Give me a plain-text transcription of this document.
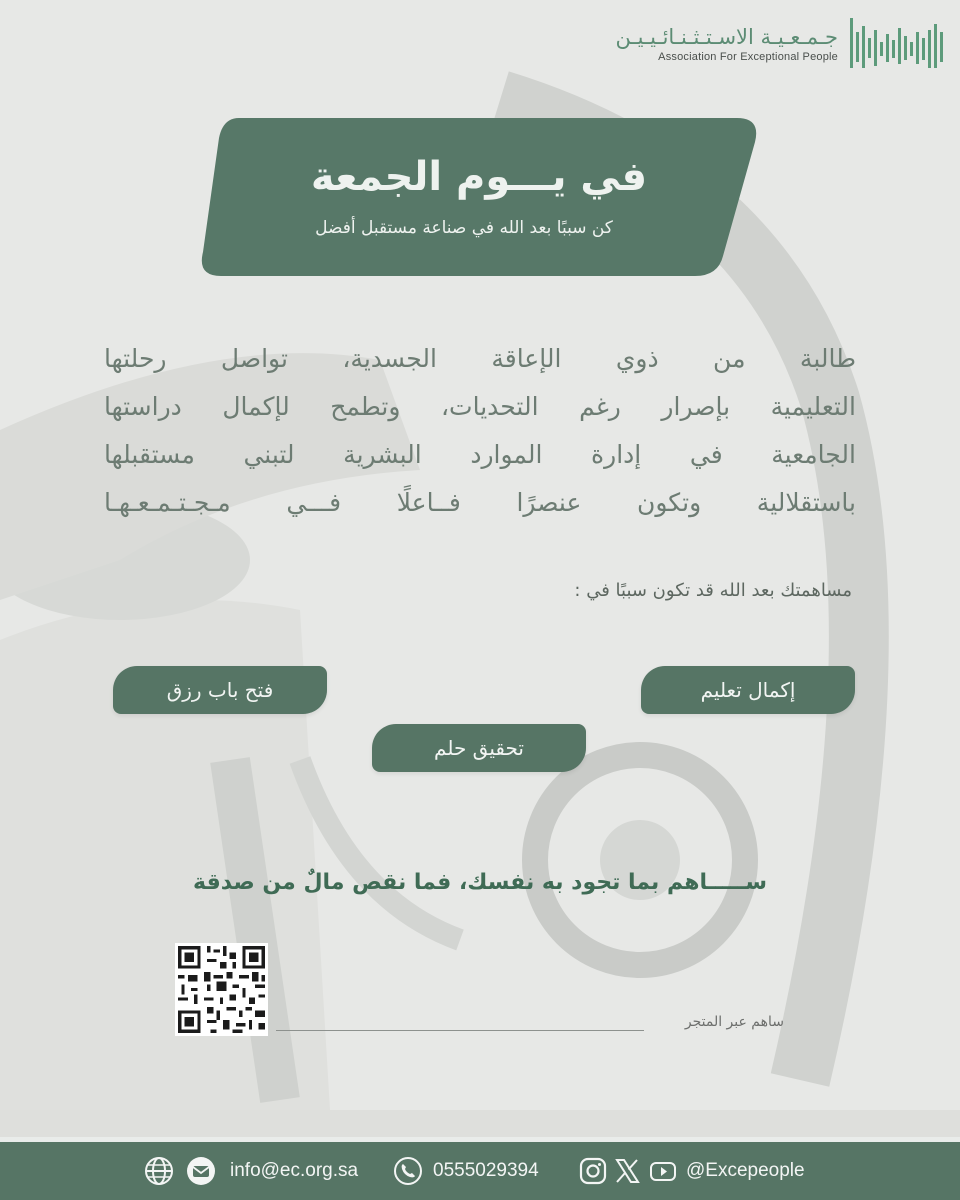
جـمـعـيـة الاسـتـثـنـائـيـيـن
Association For Exceptional People
في يـــوم الجمعة
كن سببًا بعد الله في صناعة مستقبل أفضل
طالبة من ذوي الإعاقة الجسدية، تواصل رحلتها
التعليمية بإصرار رغم التحديات، وتطمح لإكمال دراستها
الجامعية في إدارة الموارد البشرية لتبني مستقبلها
باستقلالية وتكون عنصرًا فــاعلًا فـــي مـجـتـمـعـهـا
مساهمتك بعد الله قد تكون سببًا في :
إكمال تعليم
فتح باب رزق
تحقيق حلم
ســـــاهم بما تجود به نفسك، فما نقص مالٌ من صدقة
ساهم عبر المتجر
info@ec.org.sa	0555029394	@Excepeople
